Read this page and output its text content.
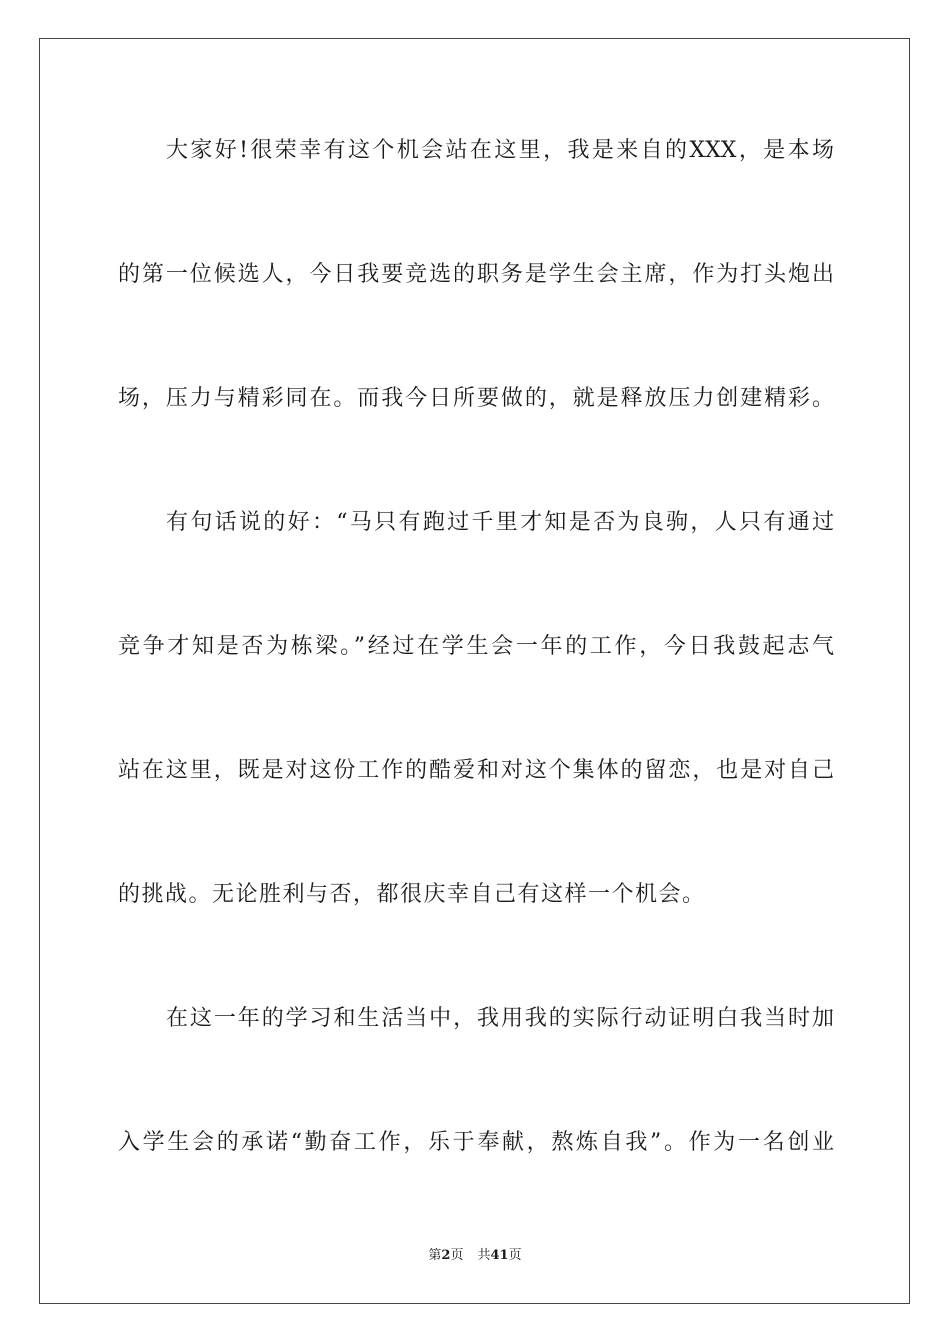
大家好!很荣幸有这个机会站在这里，我是来自的XXX，是本场
的第一位候选人，今日我要竞选的职务是学生会主席，作为打头炮出
场，压力与精彩同在。而我今日所要做的，就是释放压力创建精彩。
有句话说的好：“马只有跑过千里才知是否为良驹，人只有通过
竞争才知是否为栋梁。”经过在学生会一年的工作，今日我鼓起志气
站在这里，既是对这份工作的酷爱和对这个集体的留恋，也是对自己
的挑战。无论胜利与否，都很庆幸自己有这样一个机会。
在这一年的学习和生活当中，我用我的实际行动证明白我当时加
入学生会的承诺“勤奋工作，乐于奉献，熬炼自我”。作为一名创业
第2页 共41页
